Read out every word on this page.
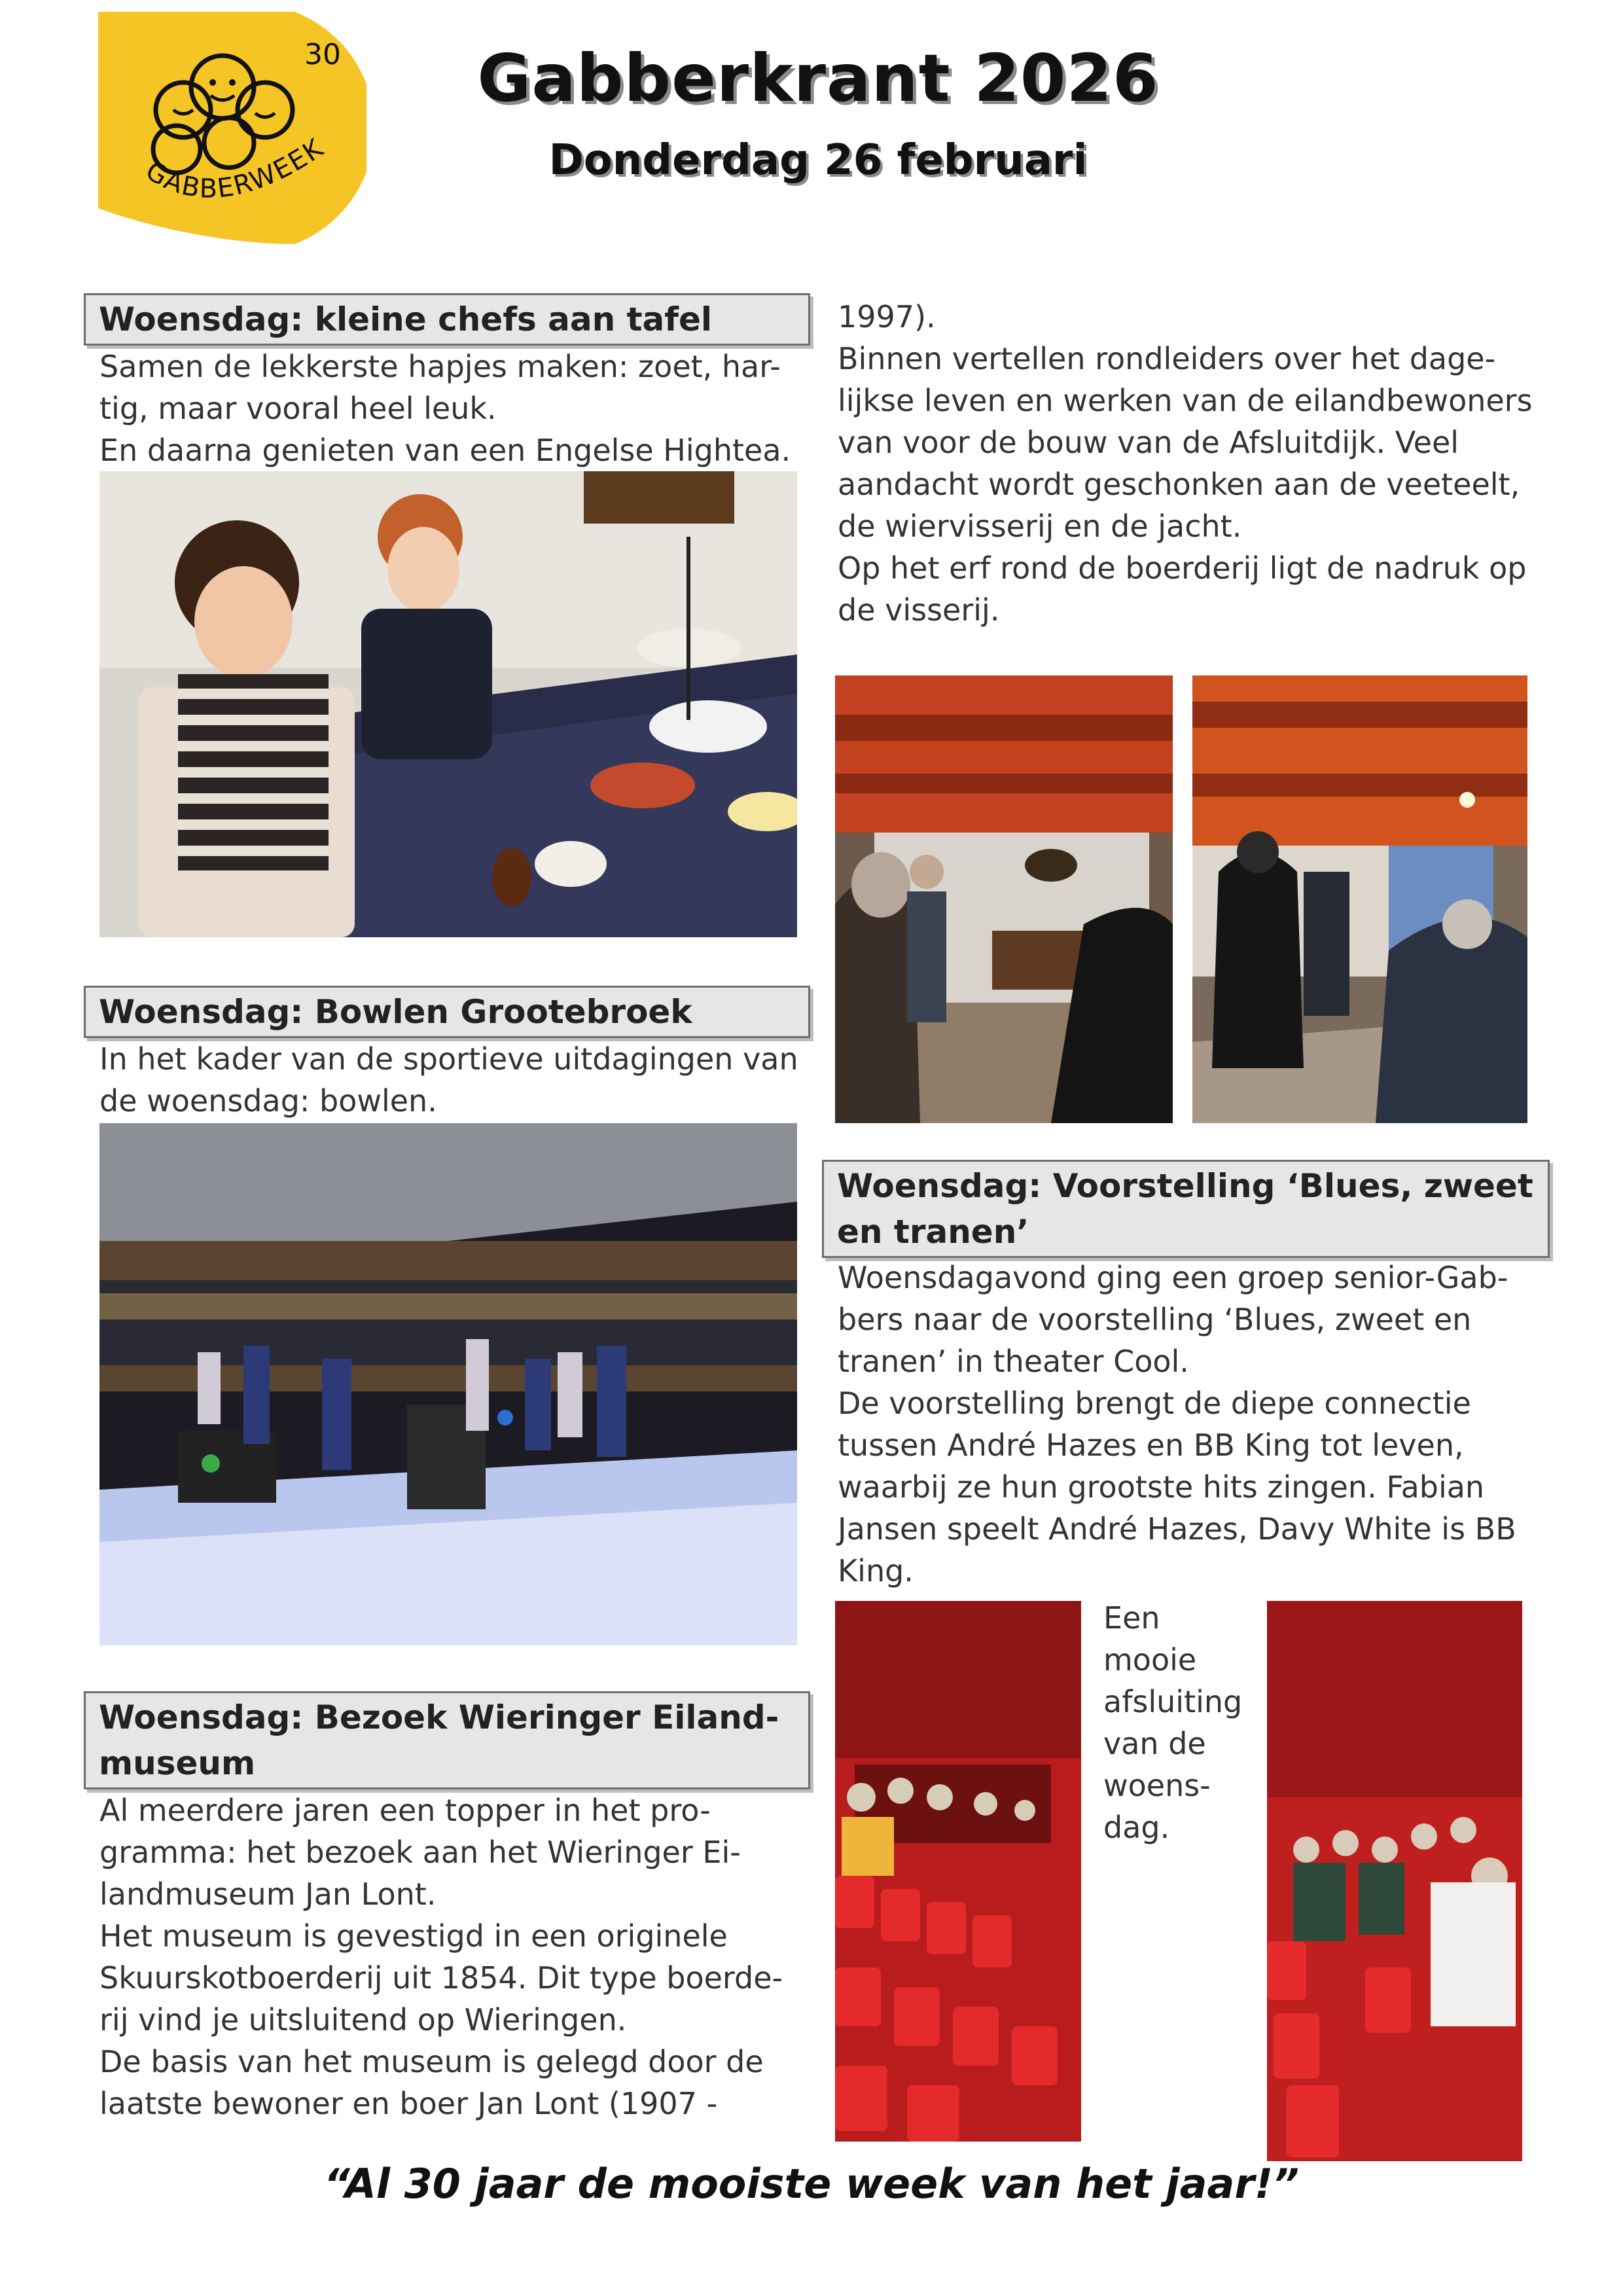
30
GABBERWEEK
Gabberkrant 2026
Donderdag 26 februari
Woensdag: kleine chefs aan tafel

Samen de lekkerste hapjes maken: zoet, har-tig, maar vooral heel leuk.

En daarna genieten van een Engelse Hightea.

Woensdag: Bowlen Grootebroek

In het kader van de sportieve uitdagingen van de woensdag: bowlen.

Woensdag: Bezoek Wieringer Eiland-museum

Al meerdere jaren een topper in het pro-gramma: het bezoek aan het Wieringer Ei-landmuseum Jan Lont.

Het museum is gevestigd in een originele Skuurskotboerderij uit 1854. Dit type boerde-rij vind je uitsluitend op Wieringen.

De basis van het museum is gelegd door de laatste bewoner en boer Jan Lont (1907 -

1997).

Binnen vertellen rondleiders over het dage-lijkse leven en werken van de eilandbewoners van voor de bouw van de Afsluitdijk. Veel aandacht wordt geschonken aan de veeteelt, de wiervisserij en de jacht.

Op het erf rond de boerderij ligt de nadruk op de visserij.

Woensdag: Voorstelling ‘Blues, zweet en tranen’

Woensdagavond ging een groep senior-Gab-bers naar de voorstelling ‘Blues, zweet en tranen’ in theater Cool.

De voorstelling brengt de diepe connectie tussen André Hazes en BB King tot leven, waarbij ze hun grootste hits zingen. Fabian Jansen speelt André Hazes, Davy White is BB King.

Een mooie afsluiting van de woens-dag.
“Al 30 jaar de mooiste week van het jaar!”
